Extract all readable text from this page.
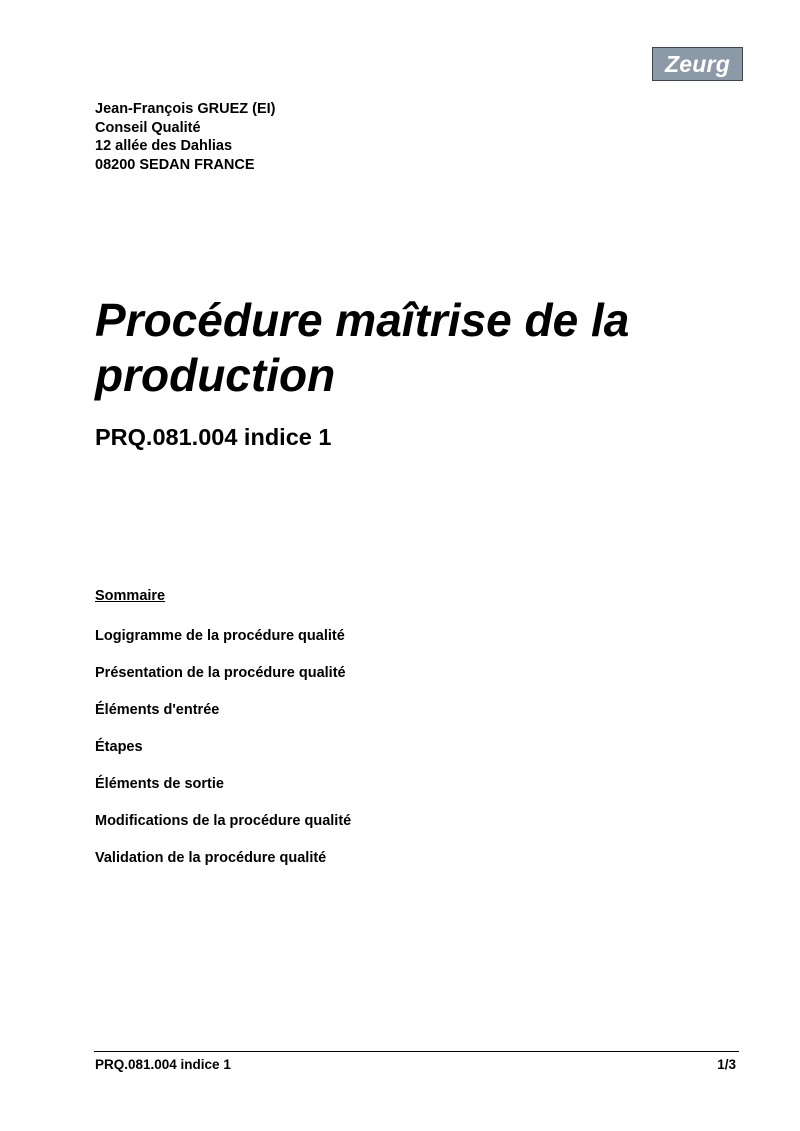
Zeurg
Jean-François GRUEZ (EI)
Conseil Qualité
12 allée des Dahlias
08200 SEDAN FRANCE
Procédure maîtrise de la
production
PRQ.081.004 indice 1
Sommaire
Logigramme de la procédure qualité
Présentation de la procédure qualité
Éléments d'entrée
Étapes
Éléments de sortie
Modifications de la procédure qualité
Validation de la procédure qualité
PRQ.081.004 indice 1	1/3
